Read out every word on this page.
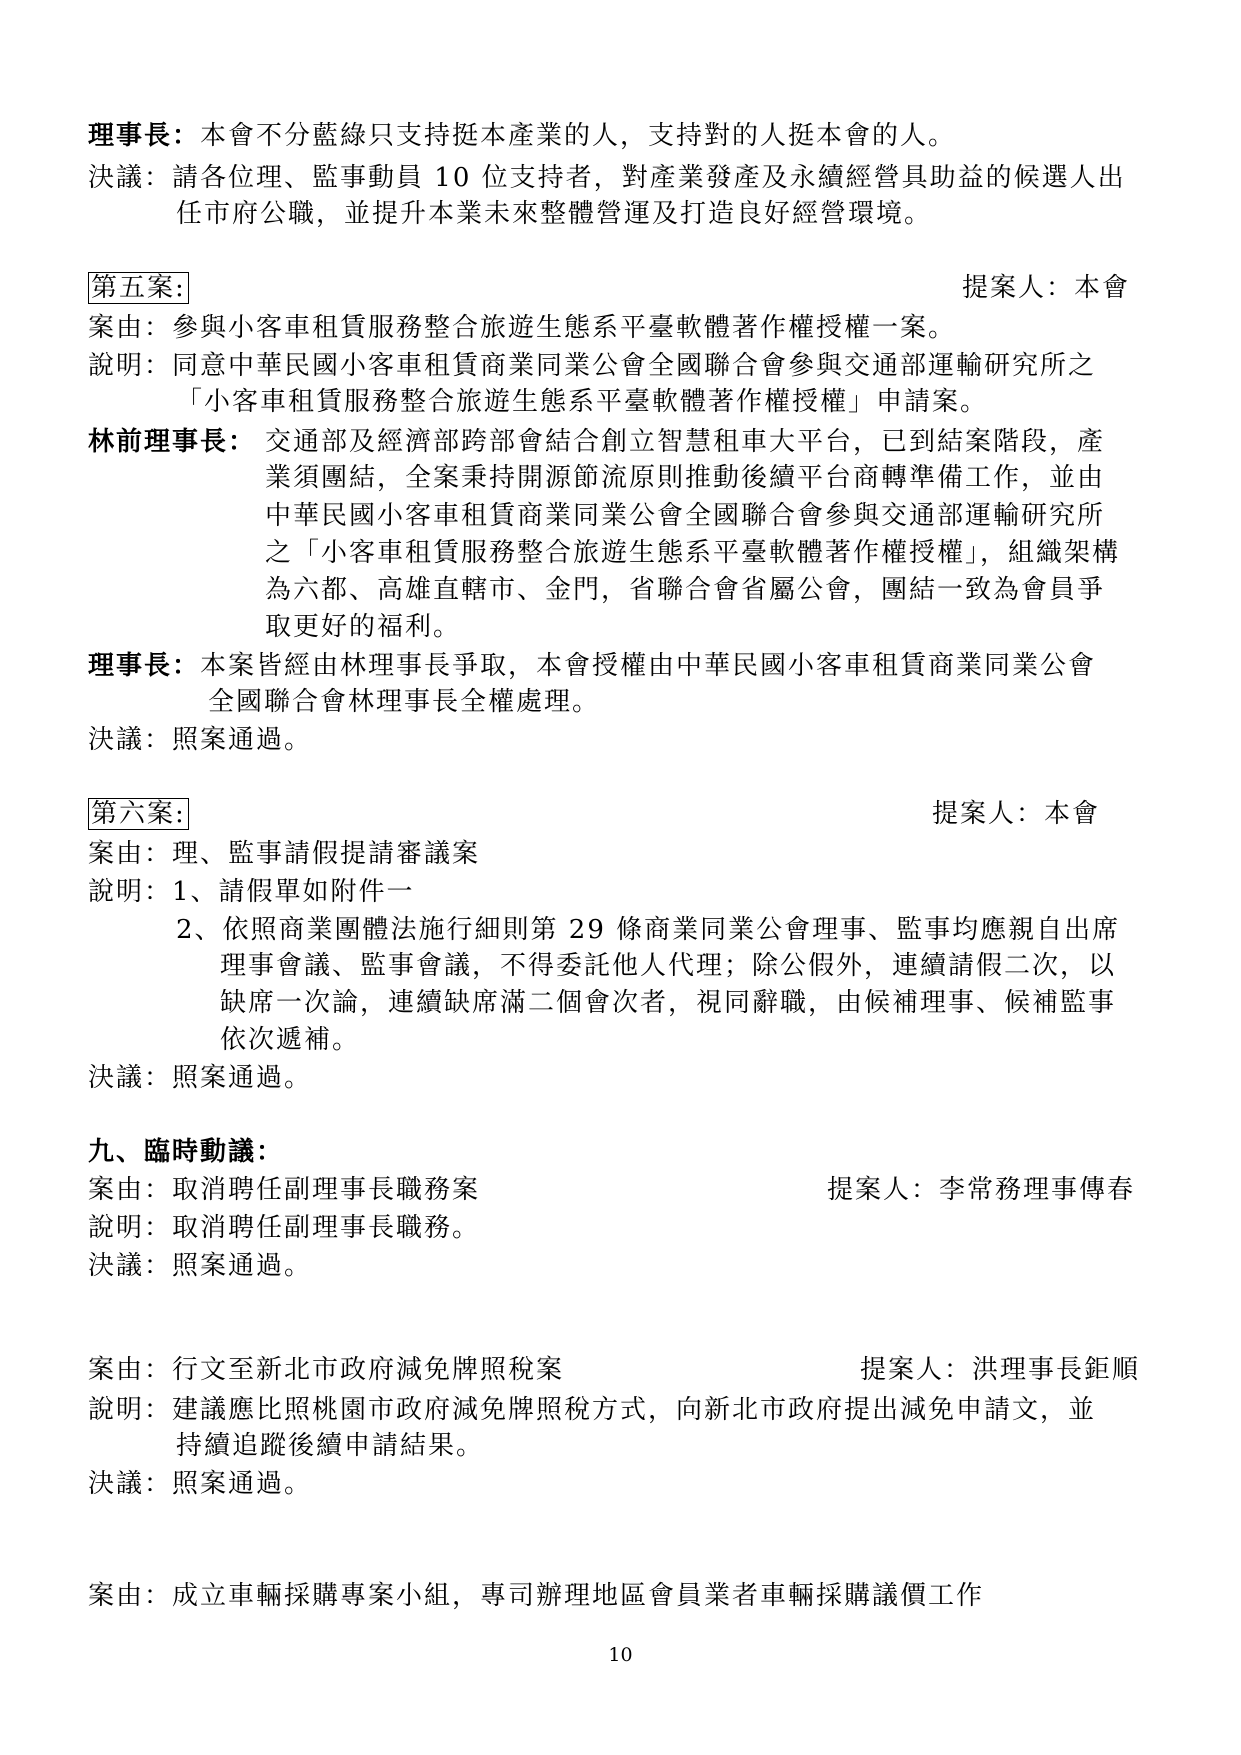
理事長：本會不分藍綠只支持挺本產業的人，支持對的人挺本會的人。
決議：請各位理、監事動員 10 位支持者，對產業發產及永續經營具助益的候選人出
任市府公職，並提升本業未來整體營運及打造良好經營環境。
第五案:	提案人：本會
案由：參與小客車租賃服務整合旅遊生態系平臺軟體著作權授權一案。
說明：同意中華民國小客車租賃商業同業公會全國聯合會參與交通部運輸研究所之
「小客車租賃服務整合旅遊生態系平臺軟體著作權授權」申請案。
林前理事長： 交通部及經濟部跨部會結合創立智慧租車大平台，已到結案階段，產
業須團結，全案秉持開源節流原則推動後續平台商轉準備工作，並由
中華民國小客車租賃商業同業公會全國聯合會參與交通部運輸研究所
之「小客車租賃服務整合旅遊生態系平臺軟體著作權授權」，組織架構
為六都、高雄直轄市、金門，省聯合會省屬公會，團結一致為會員爭
取更好的福利。
理事長：本案皆經由林理事長爭取，本會授權由中華民國小客車租賃商業同業公會
全國聯合會林理事長全權處理。
決議：照案通過。
第六案:	提案人：本會
案由：理、監事請假提請審議案
說明：1、請假單如附件一
2、依照商業團體法施行細則第 29 條商業同業公會理事、監事均應親自出席
理事會議、監事會議，不得委託他人代理；除公假外，連續請假二次，以
缺席一次論，連續缺席滿二個會次者，視同辭職，由候補理事、候補監事
依次遞補。
決議：照案通過。
九、臨時動議：
案由：取消聘任副理事長職務案	提案人：李常務理事傳春
說明：取消聘任副理事長職務。
決議：照案通過。
案由：行文至新北市政府減免牌照稅案	提案人：洪理事長鉅順
說明：建議應比照桃園市政府減免牌照稅方式，向新北市政府提出減免申請文，並
持續追蹤後續申請結果。
決議：照案通過。
案由：成立車輛採購專案小組，專司辦理地區會員業者車輛採購議價工作
10
